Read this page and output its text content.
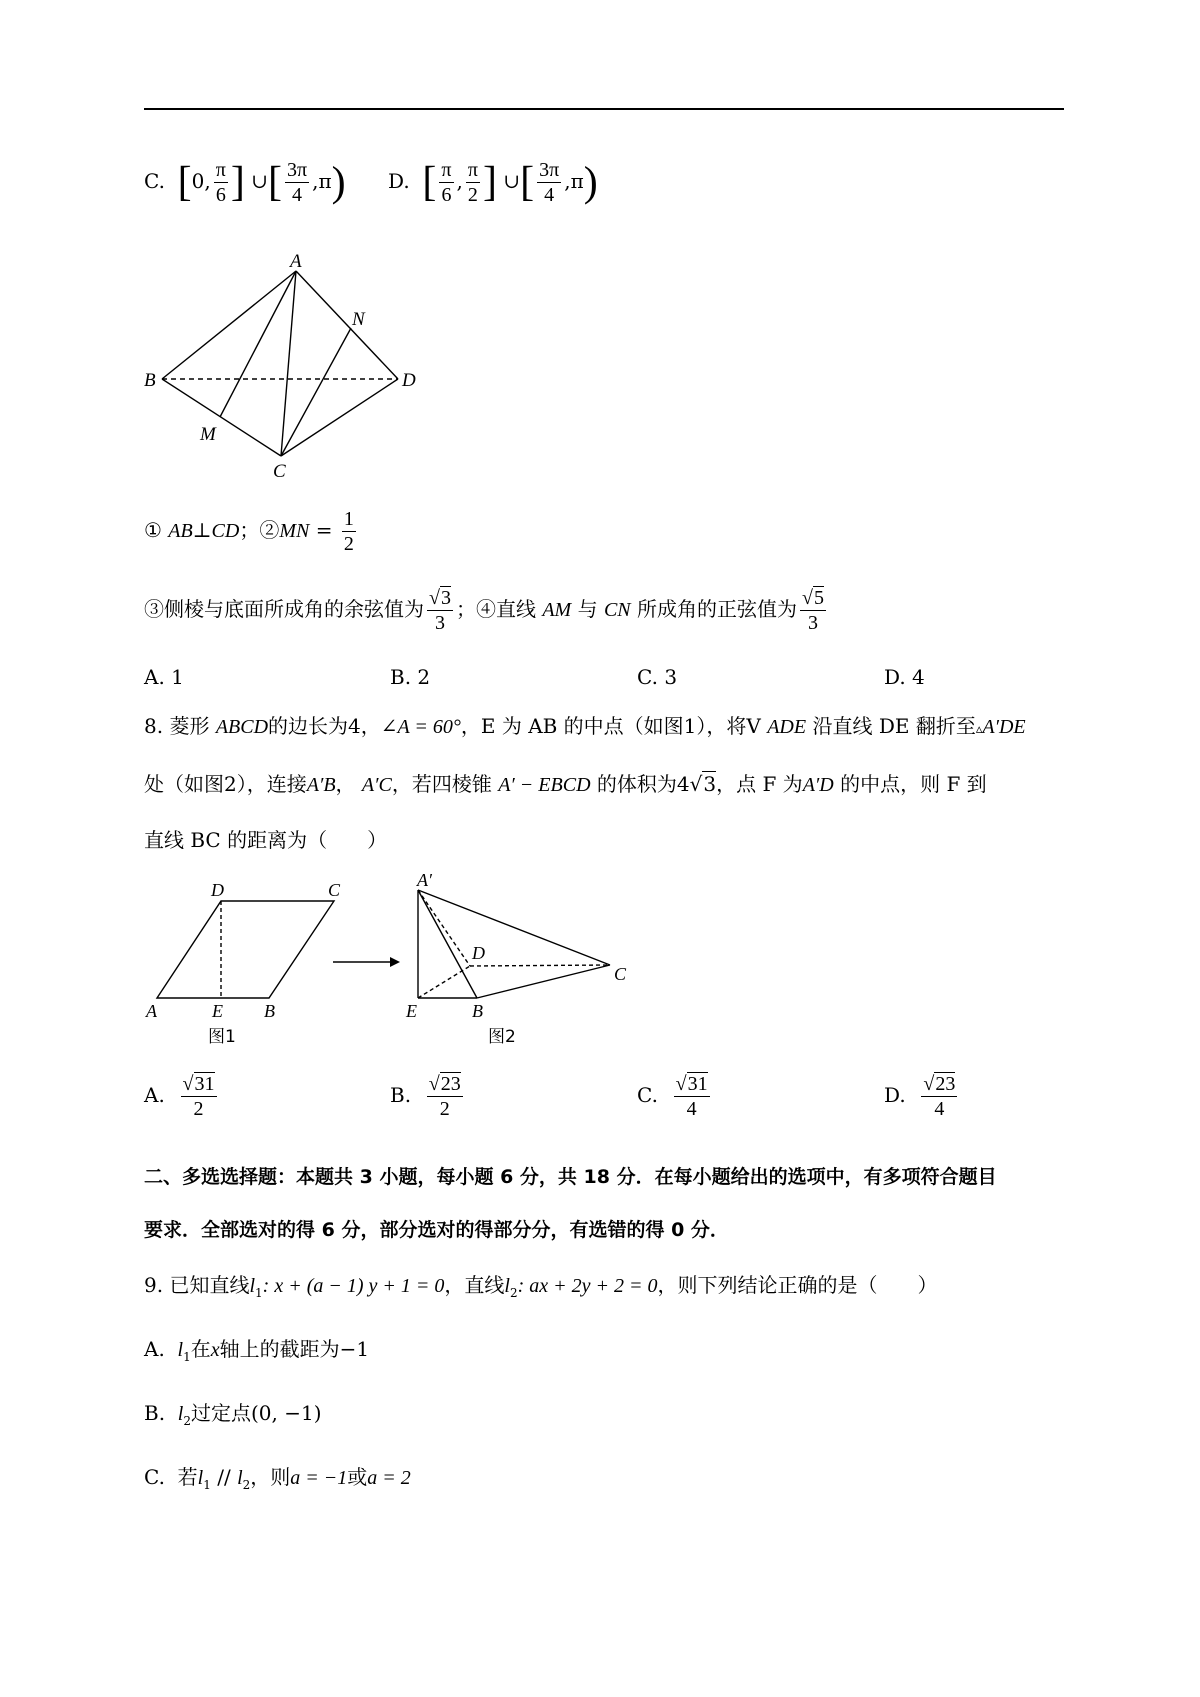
C. [0, $\frac{\pi}{6}$ ] ∪[ $\frac{3\pi}{4} ,\pi$) D. [ $\frac{\pi}{6}$ , $\frac{\pi}{2}$ ] ∪[ $\frac{3\pi}{4} ,\pi$)
A
N
B	D
M
C
① AB⊥CD；②MN = $\frac{1}{2}$
③侧棱与底面所成角的余弦值为 $\frac{√3}{3}$ ；④直线 AM 与 CN 所成角的正弦值为 $\frac{√5}{3}$
A. 1	B. 2	C. 3	D. 4
8. 菱形 ABCD的边长为4，∠A = 60°，E 为 AB 的中点（如图1），将V ADE 沿直线 DE 翻折至▵A′DE
处（如图2），连接A′B， A′C，若四棱锥 A′ − EBCD 的体积为4√3，点 F 为A′D 的中点，则 F 到
直线 BC 的距离为（　　）
D	C
A	E B
图1
A′
D
C
E	B
图2
A. $\frac{√31}{2}$	B. $\frac{√23}{2}$	C. $\frac{√31}{4}$	D. $\frac{√23}{4}$
二、多选选择题：本题共 3 小题，每小题 6 分，共 18 分．在每小题给出的选项中，有多项符合题目
要求．全部选对的得 6 分，部分选对的得部分分，有选错的得 0 分．
9. 已知直线$l_1$: x + (a − 1) y + 1 = 0，直线$l_2$: ax + 2y + 2 = 0，则下列结论正确的是（　　）
A. $l_1$在x轴上的截距为−1
B. $l_2$过定点(0, −1)
C. 若$l_1 // l_2$，则a = −1或a = 2
